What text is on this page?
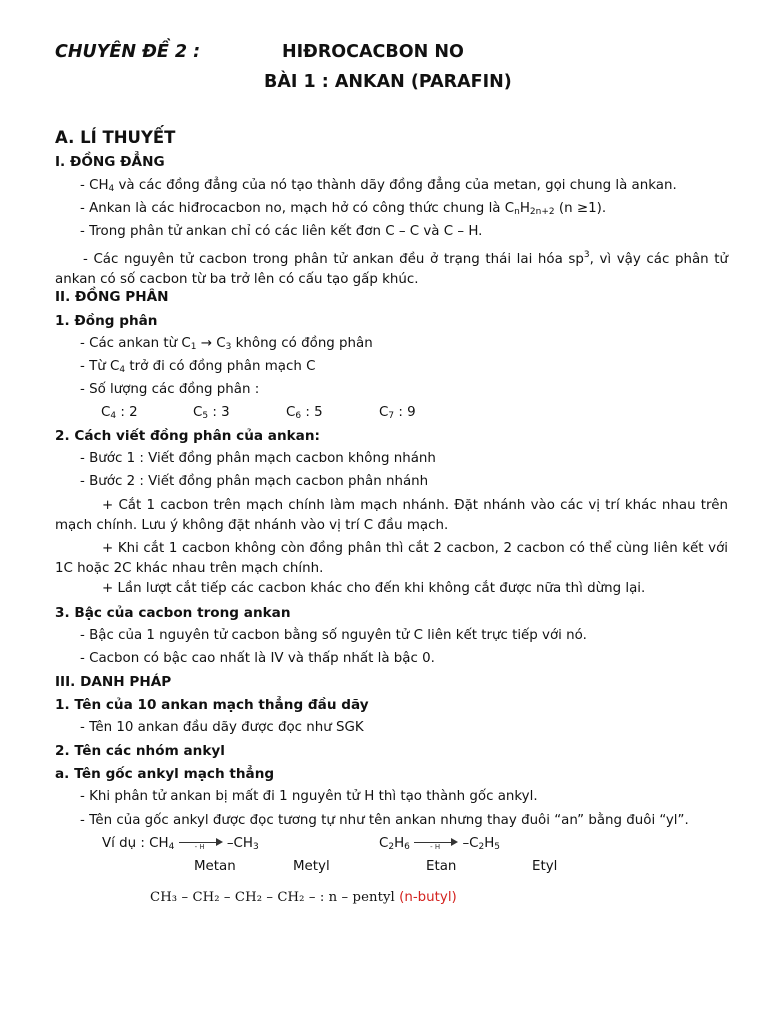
CHUYÊN ĐỀ 2 :	HIĐROCACBON NO
BÀI 1 : ANKAN (PARAFIN)
A. LÍ THUYẾT
I. ĐỒNG ĐẲNG
- $CH_4$ và các đồng đẳng của nó tạo thành dãy đồng đẳng của metan, gọi chung là ankan.
- Ankan là các hiđrocacbon no, mạch hở có công thức chung là $C_nH_{2n+2}$ (n ≥1).
- Trong phân tử ankan chỉ có các liên kết đơn C – C và C – H.
- Các nguyên tử cacbon trong phân tử ankan đều ở trạng thái lai hóa $sp^3$, vì vậy các phân tử ankan có số cacbon từ ba trở lên có cấu tạo gấp khúc.
II. ĐỒNG PHÂN
1. Đồng phân
- Các ankan từ $C_1 \to C_3$ không có đồng phân
- Từ $C_4$ trở đi có đồng phân mạch C
- Số lượng các đồng phân :
$C_4$ : 2	$C_5$ : 3	$C_6$ : 5	$C_7$ : 9
2. Cách viết đồng phân của ankan:
- Bước 1 : Viết đồng phân mạch cacbon không nhánh
- Bước 2 : Viết đồng phân mạch cacbon phân nhánh
+ Cắt 1 cacbon trên mạch chính làm mạch nhánh. Đặt nhánh vào các vị trí khác nhau trên mạch chính. Lưu ý không đặt nhánh vào vị trí C đầu mạch.
+ Khi cắt 1 cacbon không còn đồng phân thì cắt 2 cacbon, 2 cacbon có thể cùng liên kết với 1C hoặc 2C khác nhau trên mạch chính.
+ Lần lượt cắt tiếp các cacbon khác cho đến khi không cắt được nữa thì dừng lại.
3. Bậc của cacbon trong ankan
- Bậc của 1 nguyên tử cacbon bằng số nguyên tử C liên kết trực tiếp với nó.
- Cacbon có bậc cao nhất là IV và thấp nhất là bậc 0.
III. DANH PHÁP
1. Tên của 10 ankan mạch thẳng đầu dãy
- Tên 10 ankan đầu dãy được đọc như SGK
2. Tên các nhóm ankyl
a. Tên gốc ankyl mạch thẳng
- Khi phân tử ankan bị mất đi 1 nguyên tử H thì tạo thành gốc ankyl.
- Tên của gốc ankyl được đọc tương tự như tên ankan nhưng thay đuôi “an” bằng đuôi “yl”.
Ví dụ : $CH_4$	- H $-CH_3$	$C_2H_6$	- H $-C_2H_5$
Metan	Metyl	Etan	Etyl
CH₃ – CH₂ – CH₂ – CH₂ – : n – pentyl (n-butyl)
